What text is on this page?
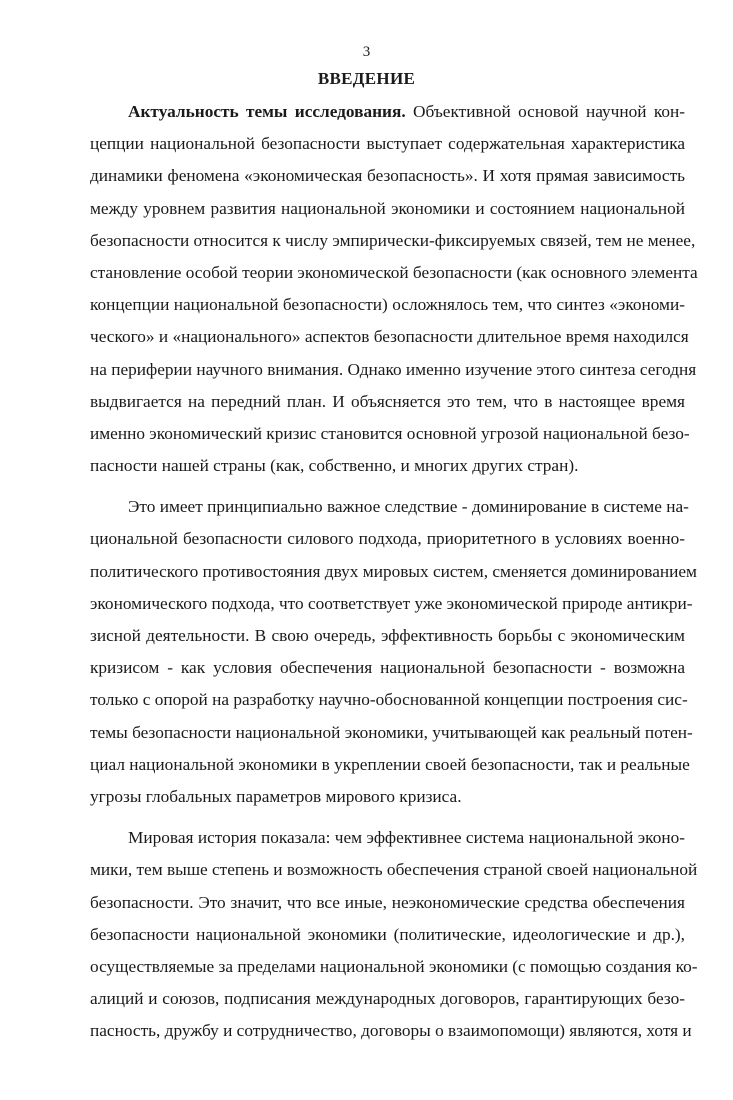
3
ВВЕДЕНИЕ

Актуальность темы исследования. Объективной основой научной кон-
цепции национальной безопасности выступает содержательная характеристика
динамики феномена «экономическая безопасность». И хотя прямая зависимость
между уровнем развития национальной экономики и состоянием национальной
безопасности относится к числу эмпирически-фиксируемых связей, тем не менее,
становление особой теории экономической безопасности (как основного элемента
концепции национальной безопасности) осложнялось тем, что синтез «экономи-
ческого» и «национального» аспектов безопасности длительное время находился
на периферии научного внимания. Однако именно изучение этого синтеза сегодня
выдвигается на передний план. И объясняется это тем, что в настоящее время
именно экономический кризис становится основной угрозой национальной безо-
пасности нашей страны (как, собственно, и многих других стран).

Это имеет принципиально важное следствие - доминирование в системе на-
циональной безопасности силового подхода, приоритетного в условиях военно-
политического противостояния двух мировых систем, сменяется доминированием
экономического подхода, что соответствует уже экономической природе антикри-
зисной деятельности. В свою очередь, эффективность борьбы с экономическим
кризисом - как условия обеспечения национальной безопасности - возможна
только с опорой на разработку научно-обоснованной концепции построения сис-
темы безопасности национальной экономики, учитывающей как реальный потен-
циал национальной экономики в укреплении своей безопасности, так и реальные
угрозы глобальных параметров мирового кризиса.

Мировая история показала: чем эффективнее система национальной эконо-
мики, тем выше степень и возможность обеспечения страной своей национальной
безопасности. Это значит, что все иные, неэкономические средства обеспечения
безопасности национальной экономики (политические, идеологические и др.),
осуществляемые за пределами национальной экономики (с помощью создания ко-
алиций и союзов, подписания международных договоров, гарантирующих безо-
пасность, дружбу и сотрудничество, договоры о взаимопомощи) являются, хотя и
